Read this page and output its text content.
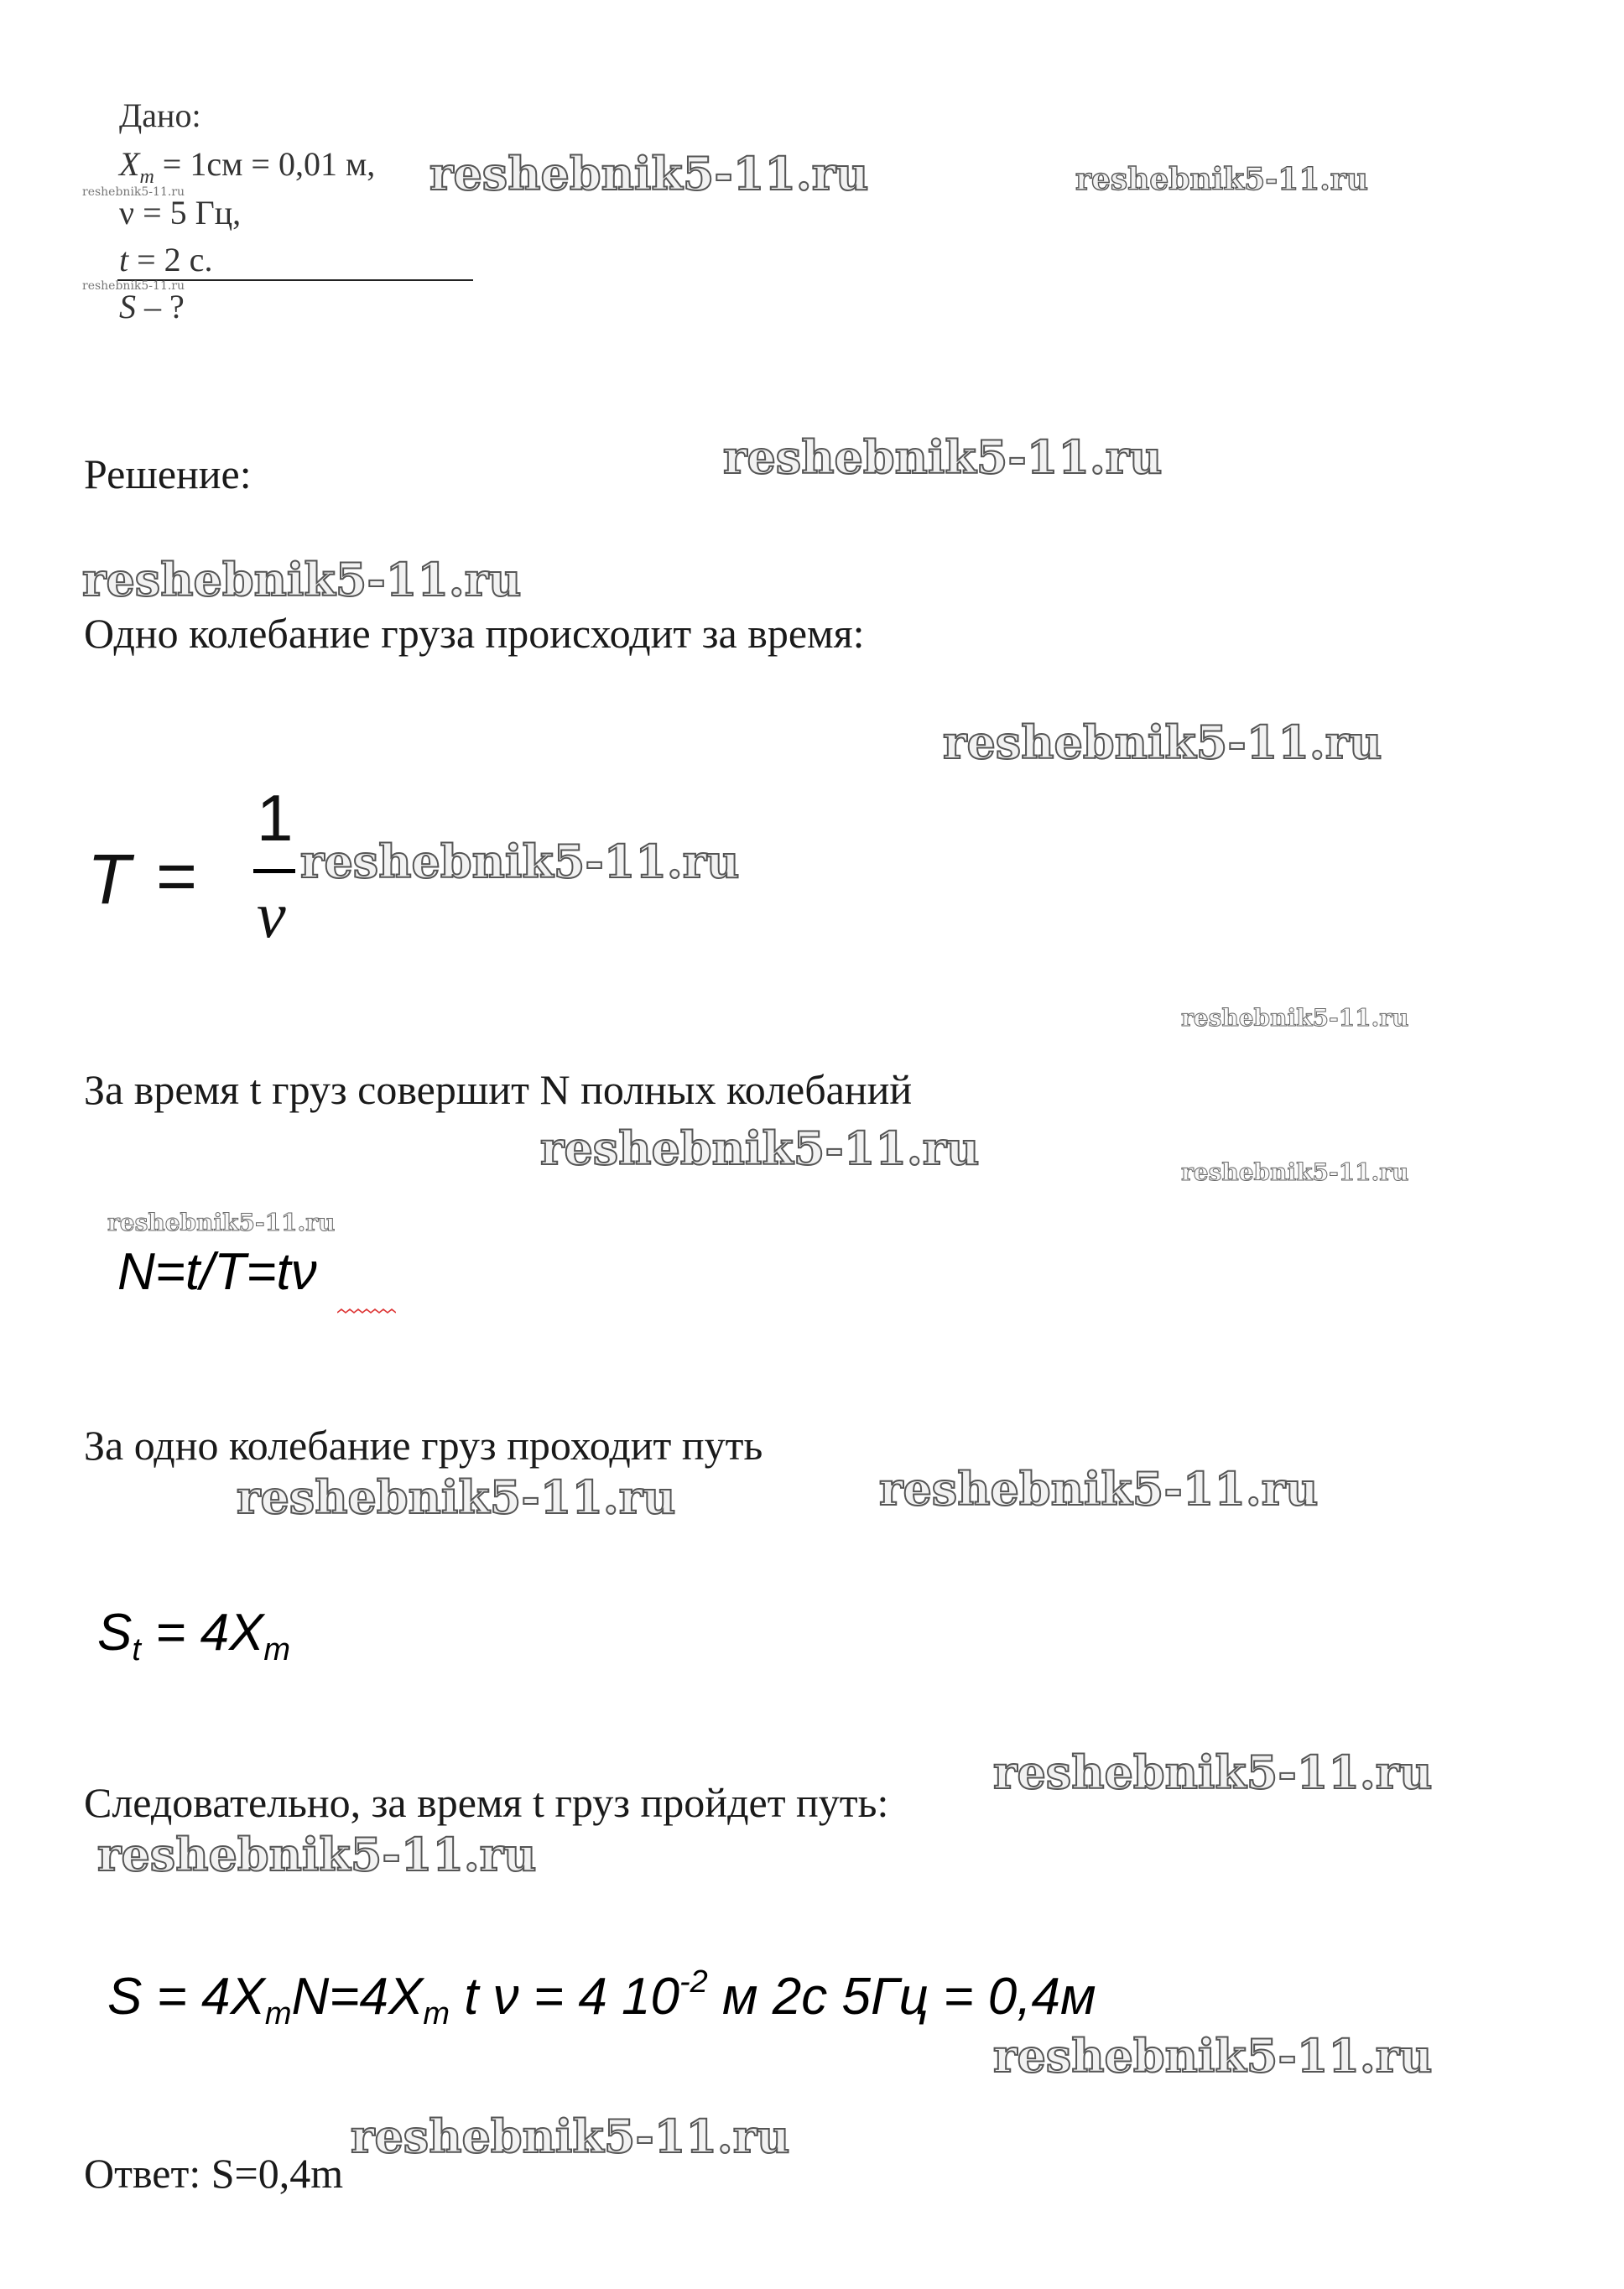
Дано:
$X_m = 1см = 0,01$ м,
ν = 5 Гц,
t = 2 с.
S – ?
Решение:
Одно колебание груза происходит за время:
T =
1
ν
За время t груз совершит N полных колебаний
N=t/T=tν
За одно колебание груз проходит путь
$S_t = 4X_m$
Следовательно, за время t груз пройдет путь:
$S = 4X_mN=4X_m$ t ν = 4 $10^{-2}$ м 2с 5Гц = 0,4м
Ответ: S=0,4m
reshebnik5-11.ru	reshebnik5-11.ru
reshebnik5-11.ru
reshebnik5-11.ru
reshebnik5-11.ru
reshebnik5-11.ru
reshebnik5-11.ru
reshebnik5-11.ru
reshebnik5-11.ru
reshebnik5-11.ru	reshebnik5-11.ru
reshebnik5-11.ru
reshebnik5-11.ru
reshebnik5-11.ru
reshebnik5-11.ru
reshebnik5-11.ru
reshebnik5-11.ru
reshebnik5-11.ru
